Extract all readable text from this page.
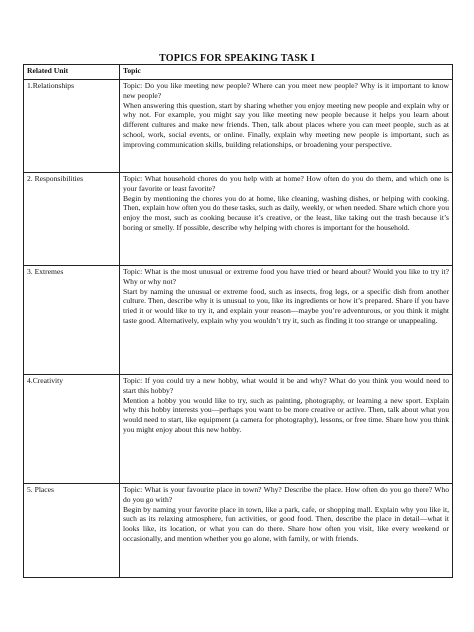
TOPICS FOR SPEAKING TASK I
Related Unit	Topic
1.Relationships	Topic: Do you like meeting new people? Where can you meet new people? Why is it important to know new people?
When answering this question, start by sharing whether you enjoy meeting new people and explain why or why not. For example, you might say you like meeting new people because it helps you learn about different cultures and make new friends. Then, talk about places where you can meet people, such as at school, work, social events, or online. Finally, explain why meeting new people is important, such as improving communication skills, building relationships, or broadening your perspective.

2. Responsibilities	Topic: What household chores do you help with at home? How often do you do them, and which one is your favorite or least favorite?
Begin by mentioning the chores you do at home, like cleaning, washing dishes, or helping with cooking. Then, explain how often you do these tasks, such as daily, weekly, or when needed. Share which chore you enjoy the most, such as cooking because it’s creative, or the least, like taking out the trash because it’s boring or smelly. If possible, describe why helping with chores is important for the household.

3. Extremes	Topic: What is the most unusual or extreme food you have tried or heard about? Would you like to try it? Why or why not?
Start by naming the unusual or extreme food, such as insects, frog legs, or a specific dish from another culture. Then, describe why it is unusual to you, like its ingredients or how it’s prepared. Share if you have tried it or would like to try it, and explain your reason—maybe you’re adventurous, or you think it might taste good. Alternatively, explain why you wouldn’t try it, such as finding it too strange or unappealing.

4.Creativity	Topic: If you could try a new hobby, what would it be and why? What do you think you would need to start this hobby?
Mention a hobby you would like to try, such as painting, photography, or learning a new sport. Explain why this hobby interests you—perhaps you want to be more creative or active. Then, talk about what you would need to start, like equipment (a camera for photography), lessons, or free time. Share how you think you might enjoy about this new hobby.

5. Places	Topic: What is your favourite place in town? Why? Describe the place. How often do you go there? Who do you go with?
Begin by naming your favorite place in town, like a park, cafe, or shopping mall. Explain why you like it, such as its relaxing atmosphere, fun activities, or good food. Then, describe the place in detail—what it looks like, its location, or what you can do there. Share how often you visit, like every weekend or occasionally, and mention whether you go alone, with family, or with friends.
